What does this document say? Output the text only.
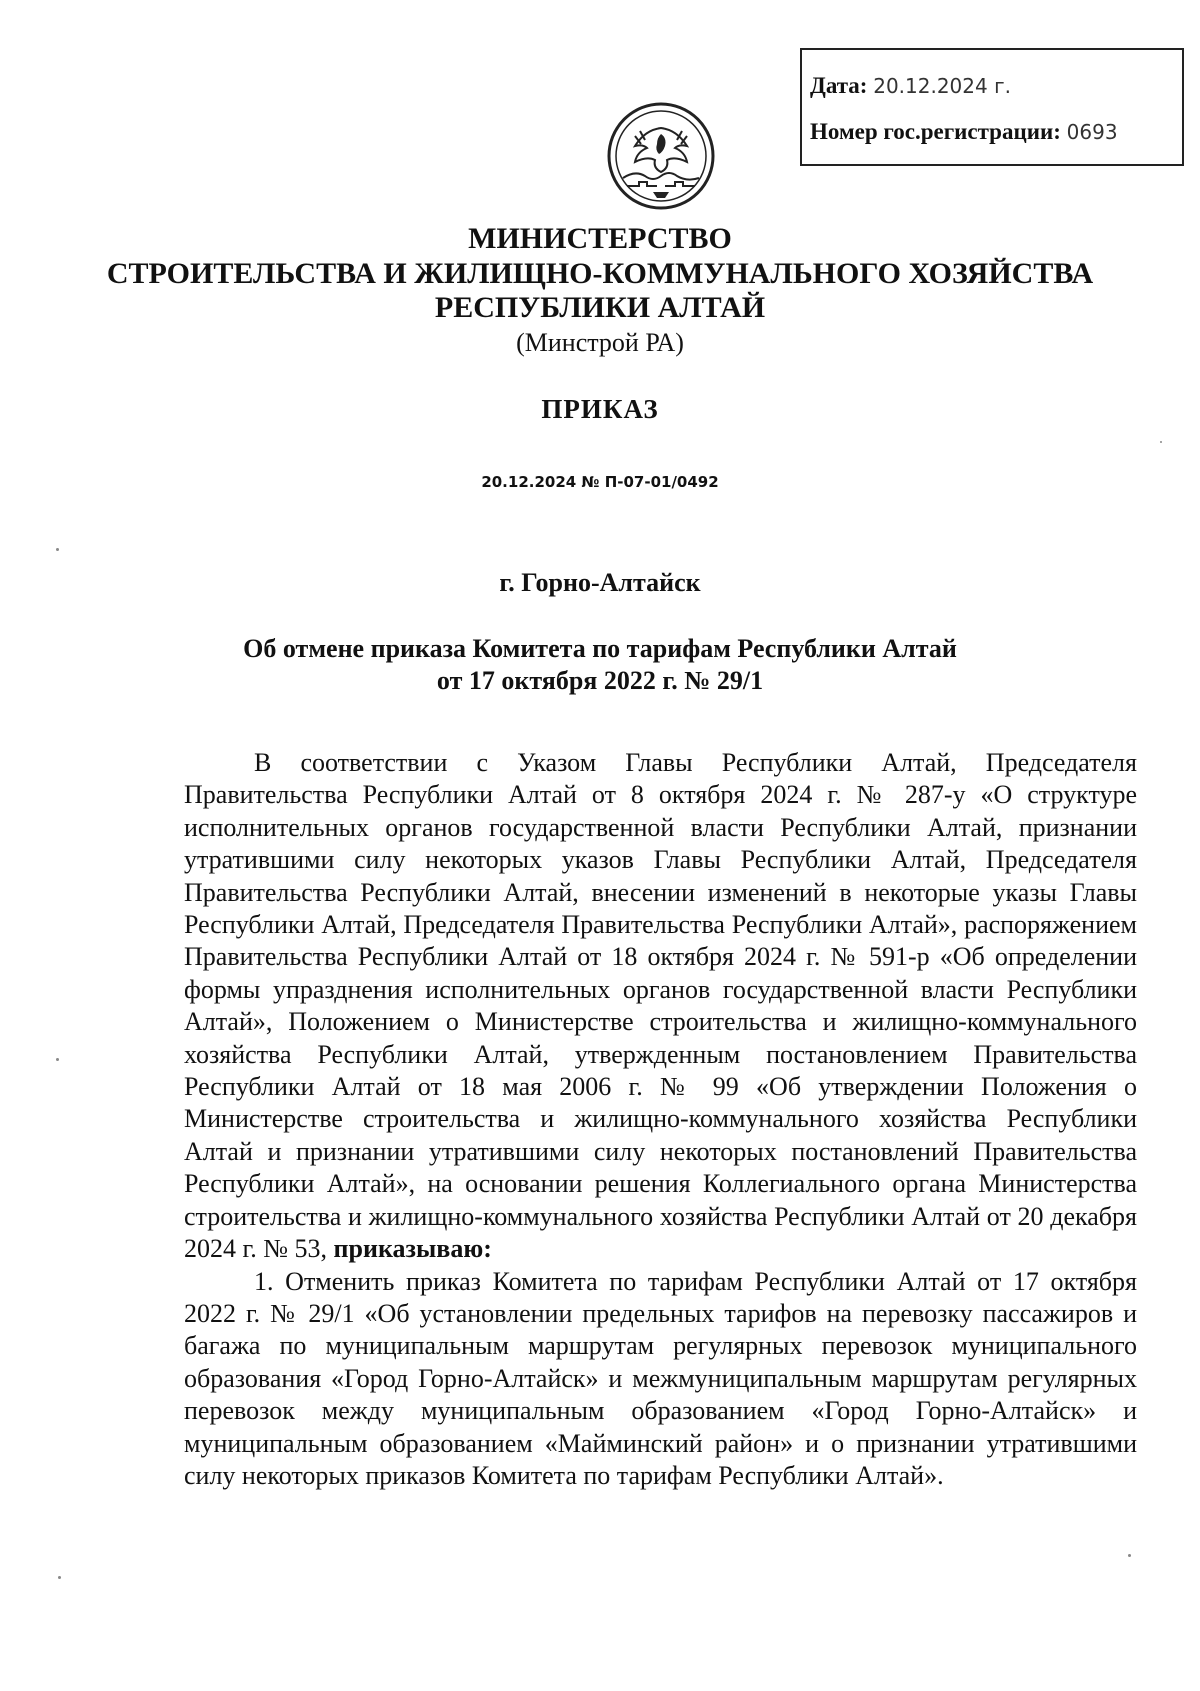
Дата: 20.12.2024 г.
Номер гос.регистрации: 0693
МИНИСТЕРСТВО
СТРОИТЕЛЬСТВА И ЖИЛИЩНО-КОММУНАЛЬНОГО ХОЗЯЙСТВА
РЕСПУБЛИКИ АЛТАЙ
(Минстрой РА)
ПРИКАЗ
20.12.2024 № П-07-01/0492
г. Горно-Алтайск
Об отмене приказа Комитета по тарифам Республики Алтай
от 17 октября 2022 г. № 29/1

В соответствии с Указом Главы Республики Алтай, Председателя Правительства Республики Алтай от 8 октября 2024 г. № 287-у «О структуре исполнительных органов государственной власти Республики Алтай, признании утратившими силу некоторых указов Главы Республики Алтай, Председателя Правительства Республики Алтай, внесении изменений в некоторые указы Главы Республики Алтай, Председателя Правительства Республики Алтай», распоряжением Правительства Республики Алтай от 18 октября 2024 г. № 591-р «Об определении формы упразднения исполнительных органов государственной власти Республики Алтай», Положением о Министерстве строительства и жилищно-коммунального хозяйства Республики Алтай, утвержденным постановлением Правительства Республики Алтай от 18 мая 2006 г. № 99 «Об утверждении Положения о Министерстве строительства и жилищно-коммунального хозяйства Республики Алтай и признании утратившими силу некоторых постановлений Правительства Республики Алтай», на основании решения Коллегиального органа Министерства строительства и жилищно-коммунального хозяйства Республики Алтай от 20 декабря 2024 г. № 53, приказываю:

1. Отменить приказ Комитета по тарифам Республики Алтай от 17 октября 2022 г. № 29/1 «Об установлении предельных тарифов на перевозку пассажиров и багажа по муниципальным маршрутам регулярных перевозок муниципального образования «Город Горно-Алтайск» и межмуниципальным маршрутам регулярных перевозок между муниципальным образованием «Город Горно-Алтайск» и муниципальным образованием «Майминский район» и о признании утратившими силу некоторых приказов Комитета по тарифам Республики Алтай».
